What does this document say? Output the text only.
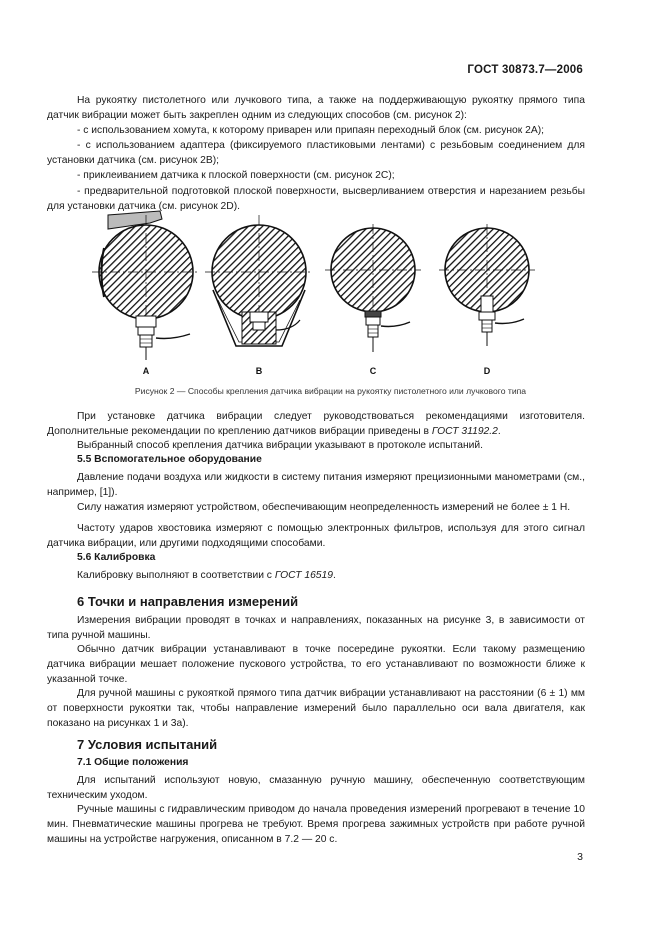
ГОСТ 30873.7—2006
На рукоятку пистолетного или лучкового типа, а также на поддерживающую рукоятку прямого типа датчик вибрации может быть закреплен одним из следующих способов (см. рисунок 2):
- с использованием хомута, к которому приварен или припаян переходный блок (см. рисунок 2А);
- с использованием адаптера (фиксируемого пластиковыми лентами) с резьбовым соединением для установки датчика (см. рисунок 2В);
- приклеиванием датчика к плоской поверхности (см. рисунок 2С);
- предварительной подготовкой плоской поверхности, высверливанием отверстия и нарезанием резьбы для установки датчика (см. рисунок 2D).
A	B	C	D
Рисунок 2 — Способы крепления датчика вибрации на рукоятку пистолетного или лучкового типа
При установке датчика вибрации следует руководствоваться рекомендациями изготовителя. Дополнительные рекомендации по креплению датчиков вибрации приведены в ГОСТ 31192.2.
Выбранный способ крепления датчика вибрации указывают в протоколе испытаний.
5.5 Вспомогательное оборудование
Давление подачи воздуха или жидкости в систему питания измеряют прецизионными манометрами (см., например, [1]).
Силу нажатия измеряют устройством, обеспечивающим неопределенность измерений не более ± 1 Н.
Частоту ударов хвостовика измеряют с помощью электронных фильтров, используя для этого сигнал датчика вибрации, или другими подходящими способами.
5.6 Калибровка
Калибровку выполняют в соответствии с ГОСТ 16519.
6 Точки и направления измерений
Измерения вибрации проводят в точках и направлениях, показанных на рисунке 3, в зависимости от типа ручной машины.
Обычно датчик вибрации устанавливают в точке посередине рукоятки. Если такому размещению датчика вибрации мешает положение пускового устройства, то его устанавливают по возможности ближе к указанной точке.
Для ручной машины с рукояткой прямого типа датчик вибрации устанавливают на расстоянии (6 ± 1) мм от поверхности рукоятки так, чтобы направление измерений было параллельно оси вала двигателя, как показано на рисунках 1 и 3а).
7 Условия испытаний
7.1 Общие положения
Для испытаний используют новую, смазанную ручную машину, обеспеченную соответствующим техническим уходом.
Ручные машины с гидравлическим приводом до начала проведения измерений прогревают в течение 10 мин. Пневматические машины прогрева не требуют. Время прогрева зажимных устройств при работе ручной машины на устройстве нагружения, описанном в 7.2 — 20 с.
3
